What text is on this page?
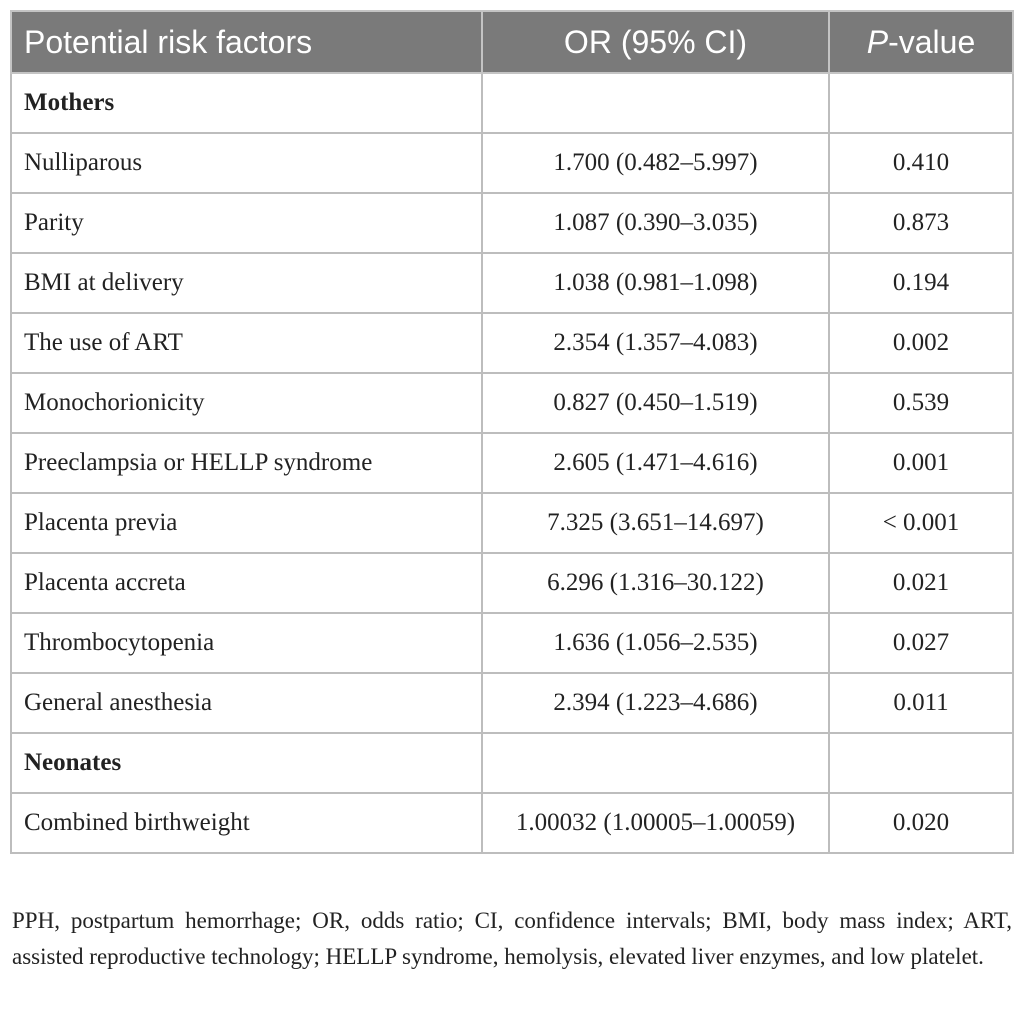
Potential risk factors	OR (95% CI)	P-value
Mothers		
Nulliparous	1.700 (0.482–5.997)	0.410
Parity	1.087 (0.390–3.035)	0.873
BMI at delivery	1.038 (0.981–1.098)	0.194
The use of ART	2.354 (1.357–4.083)	0.002
Monochorionicity	0.827 (0.450–1.519)	0.539
Preeclampsia or HELLP syndrome	2.605 (1.471–4.616)	0.001
Placenta previa	7.325 (3.651–14.697)	< 0.001
Placenta accreta	6.296 (1.316–30.122)	0.021
Thrombocytopenia	1.636 (1.056–2.535)	0.027
General anesthesia	2.394 (1.223–4.686)	0.011
Neonates		
Combined birthweight	1.00032 (1.00005–1.00059)	0.020
PPH, postpartum hemorrhage; OR, odds ratio; CI, confidence intervals; BMI, body mass index; ART, assisted reproductive technology; HELLP syndrome, hemolysis, elevated liver enzymes, and low platelet.
